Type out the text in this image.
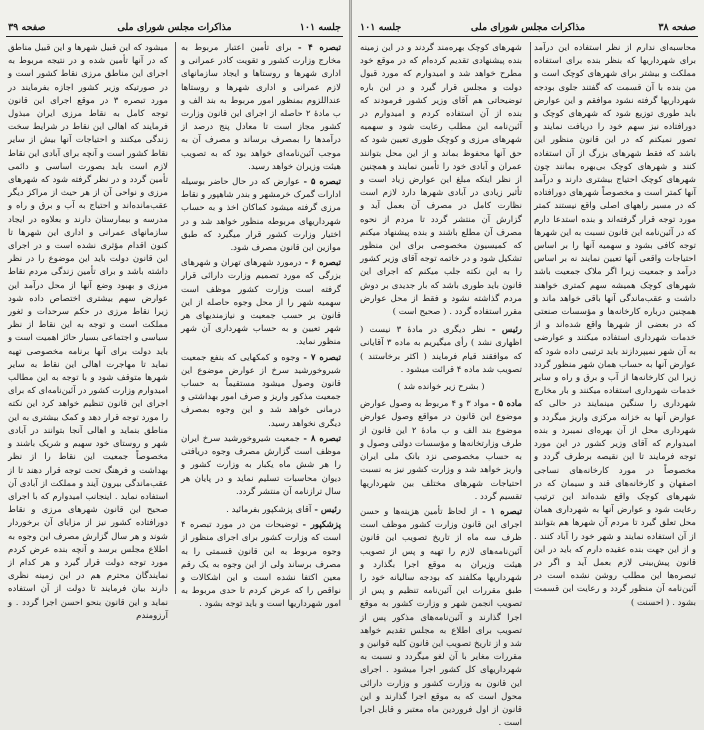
جلسه ۱۰۱
مذاکرات مجلس شورای ملی
صفحه ۳۹

تبصره ۴ - برای تأمین اعتبار مربوط به مخارج وزارت کشور و تقویت کادر عمرانی و اداری شهرها و روستاها و ایجاد سازمانهای لازم عمرانی و اداری شهرها و روستاها عنداللزوم بمنظور امور مربوط به بند الف و ب مادهٔ ۲ حاصله از اجرای این قانون وزارت کشور مجاز است تا معادل پنج درصد از درآمدها را بمصرف برساند و مصرف آن به موجب آئین‌نامه‌ای خواهد بود که به تصویب هیئت وزیران خواهد رسید.

تبصره ۵ - عوارض که در حال حاضر بوسیله ادارات گمرک خرمشهر و بندر شاهپور و نقاط مرزی گرفته میشود کماکان اخذ و به حساب شهرداریهای مربوطه منظور خواهد شد و در اختیار وزارت کشور قرار میگیرد که طبق موازین این قانون مصرف شود.

تبصره ۶ - درمورد شهرهای تهران و شهرهای بزرگی که مورد تصمیم وزارت دارائی قرار گرفته است وزارت کشور موظف است سهمیه شهر را از محل وجوه حاصله از این قانون بر حسب جمعیت و نیازمندیهای هر شهر تعیین و به حساب شهرداری آن شهر منظور نماید.

تبصره ۷ - وجوه و کمکهایی که بنفع جمعیت شیروخورشید سرخ از عوارض موضوع این قانون وصول میشود مستقیماً به حساب جمعیت مذکور واریز و صرف امور بهداشتی و درمانی خواهد شد و این وجوه بمصرف دیگری نخواهد رسید.

تبصره ۸ - جمعیت شیروخورشید سرخ ایران موظف است گزارش مصرف وجوه دریافتی را هر شش ماه یکبار به وزارت کشور و دیوان محاسبات تسلیم نماید و در پایان هر سال ترازنامه آن منتشر گردد.

رئیس - آقای پزشکپور بفرمائید .

پزشکپور - توضیحات من در مورد تبصره ۴ است که وزارت کشور برای اجرای منظور از وجوه مربوط به این قانون قسمتی را به مصرف برساند ولی از این وجوه به یک رقم معین اکتفا نشده است و این اشکالات و نواقص را که عرض کردم تا حدی مربوط به امور شهرداریها است و باید توجه بشود .

میشود که این قبیل شهرها و این قبیل مناطق که در آنها تأمین شده و در نتیجه مربوط به اجرای این مناطق مرزی نقاط کشور است و در صورتیکه وزیر کشور اجازه بفرمایند در مورد تبصره ۳ در موقع اجرای این قانون توجه کامل به نقاط مرزی ایران مبذول فرمایند که اهالی این نقاط در شرایط سخت زندگی میکنند و احتیاجات آنها بیش از سایر نقاط کشور است و آنچه برای آبادی این نقاط لازم است باید بصورت اساسی و دائمی تأمین گردد و در نظر گرفته شود که شهرهای مرزی و نواحی آن از هر حیث از مراکز دیگر عقب‌مانده‌اند و احتیاج به آب و برق و راه و مدرسه و بیمارستان دارند و بعلاوه در ایجاد سازمانهای عمرانی و اداری این شهرها تا کنون اقدام مؤثری نشده است و در اجرای این قانون دولت باید این موضوع را در نظر داشته باشد و برای تأمین زندگی مردم نقاط مرزی و بهبود وضع آنها از محل درآمد این عوارض سهم بیشتری اختصاص داده شود زیرا نقاط مرزی در حکم سرحدات و ثغور مملکت است و توجه به این نقاط از نظر سیاسی و اجتماعی بسیار حائز اهمیت است و باید دولت برای آنها برنامه مخصوصی تهیه نماید تا مهاجرت اهالی این نقاط به سایر شهرها متوقف شود و با توجه به این مطالب امیدوارم وزارت کشور در آئین‌نامه‌ای که برای اجرای این قانون تنظیم خواهد کرد این نکته را مورد توجه قرار دهد و کمک بیشتری به این مناطق بنماید و اهالی آنجا بتوانند در آبادی شهر و روستای خود سهیم و شریک باشند و مخصوصاً جمعیت این نقاط را از نظر بهداشت و فرهنگ تحت توجه قرار دهند تا از عقب‌ماندگی بیرون آیند و مملکت از آبادی آن استفاده نماید . اینجانب امیدوارم که با اجرای صحیح این قانون شهرهای مرزی و نقاط دورافتاده کشور نیز از مزایای آن برخوردار شوند و هر سال گزارش مصرف این وجوه به اطلاع مجلس برسد و آنچه بنده عرض کردم مورد توجه دولت قرار گیرد و هر کدام از نمایندگان محترم هم در این زمینه نظری دارند بیان فرمایند تا دولت از آن استفاده نماید و این قانون بنحو احسن اجرا گردد . و آرزومندم

صفحه ۳۸
مذاکرات مجلس شورای ملی
جلسه ۱۰۱

محاسبه‌ای ندارم از نظر استفاده این درآمد برای شهرداریها که بنظر بنده برای استفاده مملکت و بیشتر برای شهرهای کوچک است و من بنده با آن قسمت که گفتند جلوی بودجه شهرداریها گرفته نشود موافقم و این عوارض باید طوری توزیع شود که شهرهای کوچک و دورافتاده نیز سهم خود را دریافت نمایند و تصور نمیکنم که در این قانون منظور این باشد که فقط شهرهای بزرگ از آن استفاده کنند و شهرهای کوچک بی‌بهره بمانند چون شهرهای کوچک احتیاج بیشتری دارند و درآمد آنها کمتر است و مخصوصاً شهرهای دورافتاده که در مسیر راههای اصلی واقع نیستند کمتر مورد توجه قرار گرفته‌اند و بنده استدعا دارم که در آئین‌نامه این قانون نسبت به این شهرها توجه کافی بشود و سهمیه آنها را بر اساس احتیاجات واقعی آنها تعیین نمایند نه بر اساس درآمد و جمعیت زیرا اگر ملاک جمعیت باشد شهرهای کوچک همیشه سهم کمتری خواهند داشت و عقب‌ماندگی آنها باقی خواهد ماند و همچنین درباره کارخانه‌ها و مؤسسات صنعتی که در بعضی از شهرها واقع شده‌اند و از خدمات شهرداری استفاده میکنند و عوارضی به آن شهر نمیپردازند باید ترتیبی داده شود که عوارض آنها به حساب همان شهر منظور گردد زیرا این کارخانه‌ها از آب و برق و راه و سایر خدمات شهرداری استفاده میکنند و بار مخارج شهرداری را سنگین مینمایند در حالی که عوارض آنها به خزانه مرکزی واریز میگردد و شهرداری محل از آن بهره‌ای نمیبرد و بنده امیدوارم که آقای وزیر کشور در این مورد توجه فرمایند تا این نقیصه برطرف گردد و مخصوصاً در مورد کارخانه‌های نساجی اصفهان و کارخانه‌های قند و سیمان که در شهرهای کوچک واقع شده‌اند این ترتیب رعایت شود و عوارض آنها به شهرداری همان محل تعلق گیرد تا مردم آن شهرها هم بتوانند از آن استفاده نمایند و شهر خود را آباد کنند . و از این جهت بنده عقیده دارم که باید در این قانون پیش‌بینی لازم بعمل آید و اگر در تبصره‌ها این مطلب روشن نشده است در آئین‌نامه آن منظور گردد و رعایت این قسمت بشود . ( احسنت )

شهرهای کوچک بهره‌مند گردند و در این زمینه بنده پیشنهادی تقدیم کرده‌ام که در موقع خود مطرح خواهد شد و امیدوارم که مورد قبول دولت و مجلس قرار گیرد و در این باره توضیحاتی هم آقای وزیر کشور فرمودند که بنده از آن استفاده کردم و امیدوارم در آئین‌نامه این مطلب رعایت شود و سهمیه شهرهای مرزی و کوچک طوری تعیین شود که حق آنها محفوظ بماند و از این محل بتوانند عمران و آبادی خود را تأمین نمایند و همچنین از نظر اینکه مبلغ این عوارض زیاد است و تأثیر زیادی در آبادی شهرها دارد لازم است نظارت کامل در مصرف آن بعمل آید و گزارش آن منتشر گردد تا مردم از نحوه مصرف آن مطلع باشند و بنده پیشنهاد میکنم که کمیسیون مخصوصی برای این منظور تشکیل شود و در خاتمه توجه آقای وزیر کشور را به این نکته جلب میکنم که اجرای این قانون باید طوری باشد که بار جدیدی بر دوش مردم گذاشته نشود و فقط از محل عوارض مقرر استفاده گردد . ( صحیح است )

رئیس - نظر دیگری در مادهٔ ۳ نیست ( اظهاری نشد ) رأی میگیریم به ماده ۳ آقایانی که موافقند قیام فرمایند ( اکثر برخاستند ) تصویب شد ماده ۴ قرائت میشود .

( بشرح زیر خوانده شد )

ماده ۵ - مواد ۳ و ۴ مربوط به وصول عوارض موضوع این قانون در مواقع وصول عوارض موضوع بند الف و ب مادهٔ ۲ این قانون از طرف وزارتخانه‌ها و مؤسسات دولتی وصول و به حساب مخصوصی نزد بانک ملی ایران واریز خواهد شد و وزارت کشور نیز به نسبت احتیاجات شهرهای مختلف بین شهرداریها تقسیم گردد .

تبصره ۱ - از لحاظ تأمین هزینه‌ها و حسن اجرای این قانون وزارت کشور موظف است ظرف سه ماه از تاریخ تصویب این قانون آئین‌نامه‌های لازم را تهیه و پس از تصویب هیئت وزیران به موقع اجرا بگذارد و شهرداریها مکلفند که بودجه سالیانه خود را طبق مقررات این آئین‌نامه تنظیم و پس از تصویب انجمن شهر و وزارت کشور به موقع اجرا گذارند و آئین‌نامه‌های مذکور پس از تصویب برای اطلاع به مجلس تقدیم خواهد شد و از تاریخ تصویب این قانون کلیه قوانین و مقررات مغایر با آن لغو میگردد و نسبت به شهرداریهای کل کشور اجرا میشود . اجرای این قانون به وزارت کشور و وزارت دارائی محول است که به موقع اجرا گذارند و این قانون از اول فروردین ماه معتبر و قابل اجرا است .
